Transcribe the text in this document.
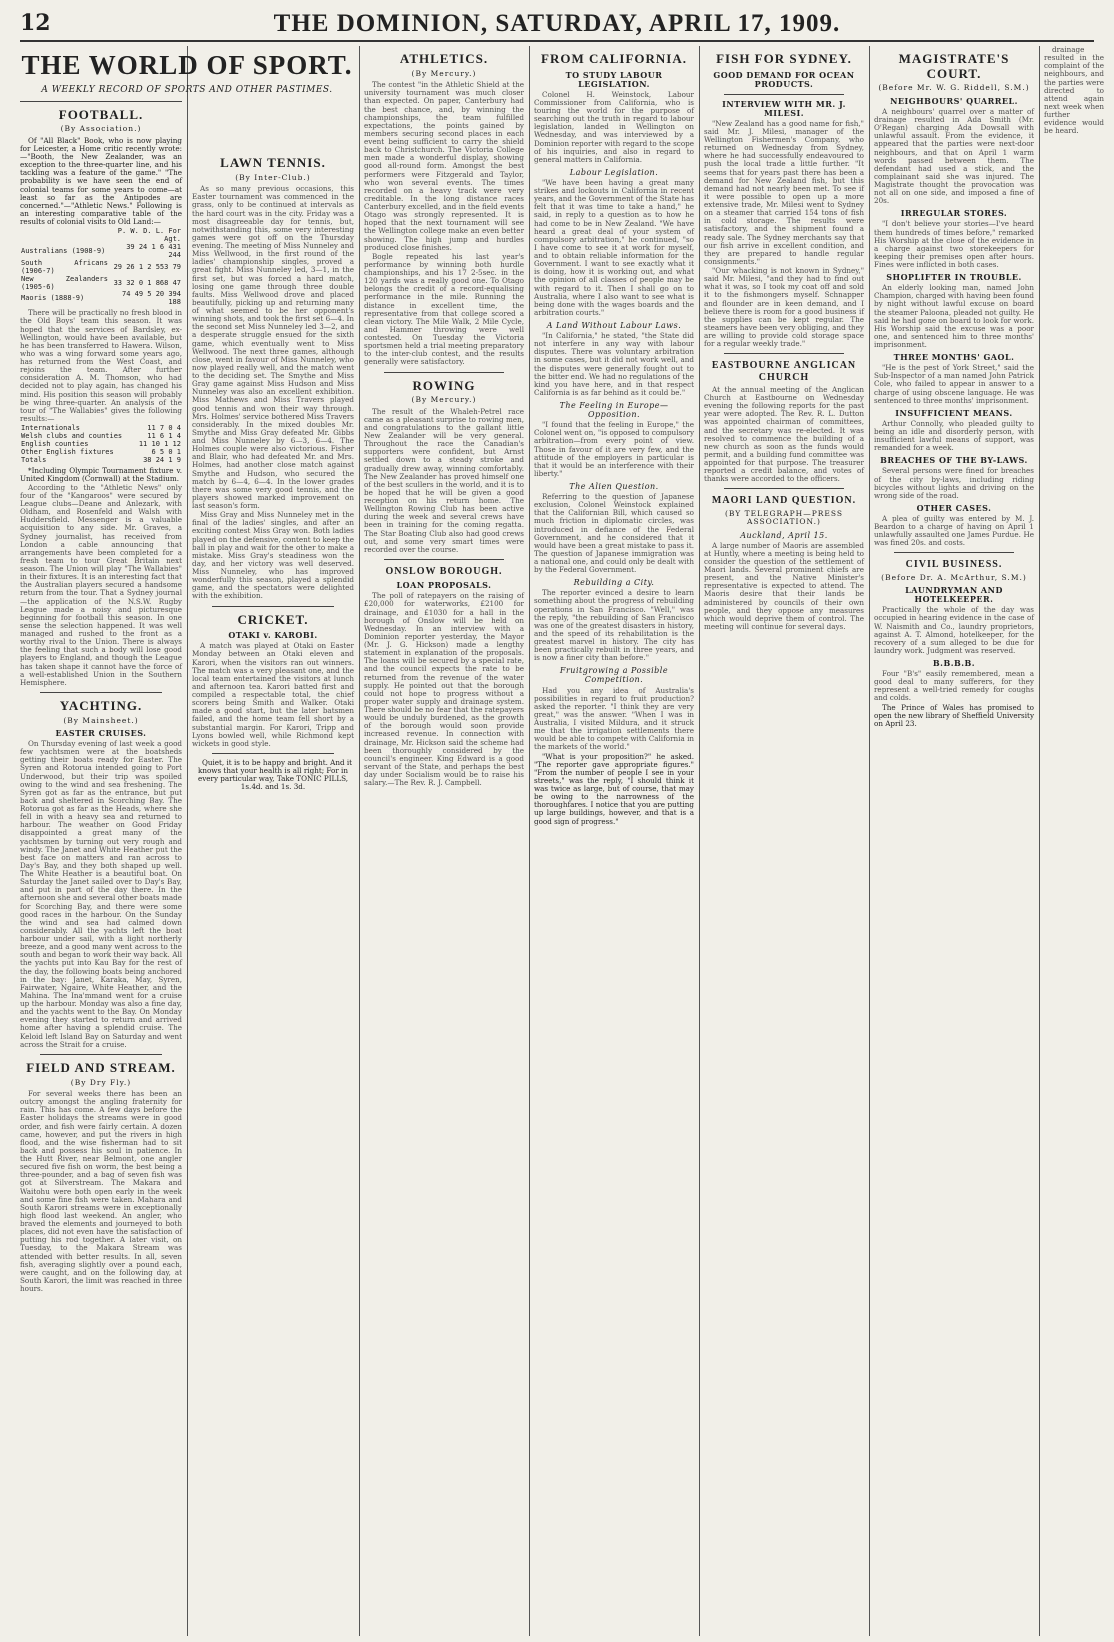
12	THE DOMINION, SATURDAY, APRIL 17, 1909.
THE WORLD OF SPORT.
A WEEKLY RECORD OF SPORTS AND OTHER PASTIMES.
FOOTBALL.
(By Association.)

Of "All Black" Book, who is now playing for Leicester, a Home critic recently wrote:—"Booth, the New Zealander, was an exception to the three-quarter line, and his tackling was a feature of the game." "The probability is we have seen the end of colonial teams for some years to come—at least so far as the Antipodes are concerned."—"Athletic News." Following is an interesting comparative table of the results of colonial visits to Old Land:—

	P. W. D. L. For Agt.
Australians (1908-9)	39 24 1 6 431 244
South Africans (1906-7)	29 26 1 2 553 79
New Zealanders (1905-6)	33 32 0 1 868 47
Maoris (1888-9)	74 49 5 20 394 188

There will be practically no fresh blood in the Old Boys' team this season. It was hoped that the services of Bardsley, ex-Wellington, would have been available, but he has been transferred to Hawera. Wilson, who was a wing forward some years ago, has returned from the West Coast, and rejoins the team. After further consideration A. M. Thomson, who had decided not to play again, has changed his mind. His position this season will probably be wing three-quarter. An analysis of the tour of "The Wallabies" gives the following results:—

Internationals	11 7 0 4
Welsh clubs and counties	11 6 1 4
English counties	11 10 1 12
Other English fixtures	6 5 0 1
Totals	38 24 1 9

*Including Olympic Tournament fixture v. United Kingdom (Cornwall) at the Stadium.

According to the "Athletic News" only four of the "Kangaroos" were secured by League clubs—Deane and Anlezark, with Oldham, and Rosenfeld and Walsh with Huddersfield. Messenger is a valuable acquisition to any side. Mr. Graves, a Sydney journalist, has received from London a cable announcing that arrangements have been completed for a fresh team to tour Great Britain next season. The Union will play "The Wallabies" in their fixtures. It is an interesting fact that the Australian players secured a handsome return from the tour. That a Sydney journal—the application of the N.S.W. Rugby League made a noisy and picturesque beginning for football this season. In one sense the selection happened. It was well managed and rushed to the front as a worthy rival to the Union. There is always the feeling that such a body will lose good players to England, and though the League has taken shape it cannot have the force of a well-established Union in the Southern Hemisphere.

YACHTING.
(By Mainsheet.)
EASTER CRUISES.

On Thursday evening of last week a good few yachtsmen were at the boatsheds getting their boats ready for Easter. The Syren and Rotorua intended going to Port Underwood, but their trip was spoiled owing to the wind and sea freshening. The Syren got as far as the entrance, but put back and sheltered in Scorching Bay. The Rotorua got as far as the Heads, where she fell in with a heavy sea and returned to harbour. The weather on Good Friday disappointed a great many of the yachtsmen by turning out very rough and windy. The Janet and White Heather put the best face on matters and ran across to Day's Bay, and they both shaped up well. The White Heather is a beautiful boat. On Saturday the Janet sailed over to Day's Bay, and put in part of the day there. In the afternoon she and several other boats made for Scorching Bay, and there were some good races in the harbour. On the Sunday the wind and sea had calmed down considerably. All the yachts left the boat harbour under sail, with a light northerly breeze, and a good many went across to the south and began to work their way back. All the yachts put into Kau Bay for the rest of the day, the following boats being anchored in the bay: Janet, Karaka, May, Syren, Fairwater, Ngaire, White Heather, and the Mahina. The Ina'mmand went for a cruise up the harbour. Monday was also a fine day, and the yachts went to the Bay. On Monday evening they started to return and arrived home after having a splendid cruise. The Keloid left Island Bay on Saturday and went across the Strait for a cruise.

FIELD AND STREAM.
(By Dry Fly.)

For several weeks there has been an outcry amongst the angling fraternity for rain. This has come. A few days before the Easter holidays the streams were in good order, and fish were fairly certain. A dozen came, however, and put the rivers in high flood, and the wise fisherman had to sit back and possess his soul in patience. In the Hutt River, near Belmont, one angler secured five fish on worm, the best being a three-pounder, and a bag of seven fish was got at Silverstream. The Makara and Waitohu were both open early in the week and some fine fish were taken. Mahara and South Karori streams were in exceptionally high flood last weekend. An angler, who braved the elements and journeyed to both places, did not even have the satisfaction of putting his rod together. A later visit, on Tuesday, to the Makara Stream was attended with better results. In all, seven fish, averaging slightly over a pound each, were caught, and on the following day, at South Karori, the limit was reached in three hours.

LAWN TENNIS.
(By Inter-Club.)

As so many previous occasions, this Easter tournament was commenced in the grass, only to be continued at intervals as the hard court was in the city. Friday was a most disagreeable day for tennis, but, notwithstanding this, some very interesting games were got off on the Thursday evening. The meeting of Miss Nunneley and Miss Wellwood, in the first round of the ladies' championship singles, proved a great fight. Miss Nunneley led, 3—1, in the first set, but was forced a hard match, losing one game through three double faults. Miss Wellwood drove and placed beautifully, picking up and returning many of what seemed to be her opponent's winning shots, and took the first set 6—4. In the second set Miss Nunneley led 3—2, and a desperate struggle ensued for the sixth game, which eventually went to Miss Wellwood. The next three games, although close, went in favour of Miss Nunneley, who now played really well, and the match went to the deciding set. The Smythe and Miss Gray game against Miss Hudson and Miss Nunneley was also an excellent exhibition. Miss Mathews and Miss Travers played good tennis and won their way through. Mrs. Holmes' service bothered Miss Travers considerably. In the mixed doubles Mr. Smythe and Miss Gray defeated Mr. Gibbs and Miss Nunneley by 6—3, 6—4. The Holmes couple were also victorious. Fisher and Blair, who had defeated Mr. and Mrs. Holmes, had another close match against Smythe and Hudson, who secured the match by 6—4, 6—4. In the lower grades there was some very good tennis, and the players showed marked improvement on last season's form.

Miss Gray and Miss Nunneley met in the final of the ladies' singles, and after an exciting contest Miss Gray won. Both ladies played on the defensive, content to keep the ball in play and wait for the other to make a mistake. Miss Gray's steadiness won the day, and her victory was well deserved. Miss Nunneley, who has improved wonderfully this season, played a splendid game, and the spectators were delighted with the exhibition.

CRICKET.
OTAKI v. KAROBI.

A match was played at Otaki on Easter Monday between an Otaki eleven and Karori, when the visitors ran out winners. The match was a very pleasant one, and the local team entertained the visitors at lunch and afternoon tea. Karori batted first and compiled a respectable total, the chief scorers being Smith and Walker. Otaki made a good start, but the later batsmen failed, and the home team fell short by a substantial margin. For Karori, Tripp and Lyons bowled well, while Richmond kept wickets in good style.

Quiet, it is to be happy and bright. And it knows that your health is all right; For in every particular way, Take TONIC PILLS, 1s.4d. and 1s. 3d.

ATHLETICS.
(By Mercury.)

The contest "in the Athletic Shield at the university tournament was much closer than expected. On paper, Canterbury had the best chance, and, by winning the championships, the team fulfilled expectations, the points gained by members securing second places in each event being sufficient to carry the shield back to Christchurch. The Victoria College men made a wonderful display, showing good all-round form. Amongst the best performers were Fitzgerald and Taylor, who won several events. The times recorded on a heavy track were very creditable. In the long distance races Canterbury excelled, and in the field events Otago was strongly represented. It is hoped that the next tournament will see the Wellington college make an even better showing. The high jump and hurdles produced close finishes.

Bogle repeated his last year's performance by winning both hurdle championships, and his 17 2-5sec. in the 120 yards was a really good one. To Otago belongs the credit of a record-equalising performance in the mile. Running the distance in excellent time, the representative from that college scored a clean victory. The Mile Walk, 2 Mile Cycle, and Hammer throwing were well contested. On Tuesday the Victoria sportsmen held a trial meeting preparatory to the inter-club contest, and the results generally were satisfactory.

ROWING
(By Mercury.)

The result of the Whaleh-Petrel race came as a pleasant surprise to rowing men, and congratulations to the gallant little New Zealander will be very general. Throughout the race the Canadian's supporters were confident, but Arnst settled down to a steady stroke and gradually drew away, winning comfortably. The New Zealander has proved himself one of the best scullers in the world, and it is to be hoped that he will be given a good reception on his return home. The Wellington Rowing Club has been active during the week and several crews have been in training for the coming regatta. The Star Boating Club also had good crews out, and some very smart times were recorded over the course.

ONSLOW BOROUGH.
LOAN PROPOSALS.

The poll of ratepayers on the raising of £20,000 for waterworks, £2100 for drainage, and £1030 for a hall in the borough of Onslow will be held on Wednesday. In an interview with a Dominion reporter yesterday, the Mayor (Mr. J. G. Hickson) made a lengthy statement in explanation of the proposals. The loans will be secured by a special rate, and the council expects the rate to be returned from the revenue of the water supply. He pointed out that the borough could not hope to progress without a proper water supply and drainage system. There should be no fear that the ratepayers would be unduly burdened, as the growth of the borough would soon provide increased revenue. In connection with drainage, Mr. Hickson said the scheme had been thoroughly considered by the council's engineer. King Edward is a good servant of the State, and perhaps the best day under Socialism would be to raise his salary.—The Rev. R. J. Campbell.

FROM CALIFORNIA.
TO STUDY LABOUR LEGISLATION.

Colonel H. Weinstock, Labour Commissioner from California, who is touring the world for the purpose of searching out the truth in regard to labour legislation, landed in Wellington on Wednesday, and was interviewed by a Dominion reporter with regard to the scope of his inquiries, and also in regard to general matters in California.

Labour Legislation.

"We have been having a great many strikes and lockouts in California in recent years, and the Government of the State has felt that it was time to take a hand," he said, in reply to a question as to how he had come to be in New Zealand. "We have heard a great deal of your system of compulsory arbitration," he continued, "so I have come to see it at work for myself, and to obtain reliable information for the Government. I want to see exactly what it is doing, how it is working out, and what the opinion of all classes of people may be with regard to it. Then I shall go on to Australia, where I also want to see what is being done with the wages boards and the arbitration courts."

A Land Without Labour Laws.

"In California," he stated, "the State did not interfere in any way with labour disputes. There was voluntary arbitration in some cases, but it did not work well, and the disputes were generally fought out to the bitter end. We had no regulations of the kind you have here, and in that respect California is as far behind as it could be."

The Feeling in Europe—Opposition.

"I found that the feeling in Europe," the Colonel went on, "is opposed to compulsory arbitration—from every point of view. Those in favour of it are very few, and the attitude of the employers in particular is that it would be an interference with their liberty."

The Alien Question.

Referring to the question of Japanese exclusion, Colonel Weinstock explained that the Californian Bill, which caused so much friction in diplomatic circles, was introduced in defiance of the Federal Government, and he considered that it would have been a great mistake to pass it. The question of Japanese immigration was a national one, and could only be dealt with by the Federal Government.

Rebuilding a City.

The reporter evinced a desire to learn something about the progress of rebuilding operations in San Francisco. "Well," was the reply, "the rebuilding of San Francisco was one of the greatest disasters in history, and the speed of its rehabilitation is the greatest marvel in history. The city has been practically rebuilt in three years, and is now a finer city than before."

Fruitgrowing a Possible Competition.

Had you any idea of Australia's possibilities in regard to fruit production? asked the reporter. "I think they are very great," was the answer. "When I was in Australia, I visited Mildura, and it struck me that the irrigation settlements there would be able to compete with California in the markets of the world."

"What is your proposition?" he asked. "The reporter gave appropriate figures." "From the number of people I see in your streets," was the reply, "I should think it was twice as large, but of course, that may be owing to the narrowness of the thoroughfares. I notice that you are putting up large buildings, however, and that is a good sign of progress."

FISH FOR SYDNEY.
GOOD DEMAND FOR OCEAN PRODUCTS.
INTERVIEW WITH MR. J. MILESI.

"New Zealand has a good name for fish," said Mr. J. Milesi, manager of the Wellington Fishermen's Company, who returned on Wednesday from Sydney, where he had successfully endeavoured to push the local trade a little further. "It seems that for years past there has been a demand for New Zealand fish, but this demand had not nearly been met. To see if it were possible to open up a more extensive trade, Mr. Milesi went to Sydney on a steamer that carried 154 tons of fish in cold storage. The results were satisfactory, and the shipment found a ready sale. The Sydney merchants say that our fish arrive in excellent condition, and they are prepared to handle regular consignments."

"Our whacking is not known in Sydney," said Mr. Milesi, "and they had to find out what it was, so I took my coat off and sold it to the fishmongers myself. Schnapper and flounder are in keen demand, and I believe there is room for a good business if the supplies can be kept regular. The steamers have been very obliging, and they are willing to provide cold storage space for a regular weekly trade."

EASTBOURNE ANGLICAN CHURCH

At the annual meeting of the Anglican Church at Eastbourne on Wednesday evening the following reports for the past year were adopted. The Rev. R. L. Dutton was appointed chairman of committees, and the secretary was re-elected. It was resolved to commence the building of a new church as soon as the funds would permit, and a building fund committee was appointed for that purpose. The treasurer reported a credit balance, and votes of thanks were accorded to the officers.

MAORI LAND QUESTION.
(BY TELEGRAPH—PRESS ASSOCIATION.)
Auckland, April 15.

A large number of Maoris are assembled at Huntly, where a meeting is being held to consider the question of the settlement of Maori lands. Several prominent chiefs are present, and the Native Minister's representative is expected to attend. The Maoris desire that their lands be administered by councils of their own people, and they oppose any measures which would deprive them of control. The meeting will continue for several days.

MAGISTRATE'S COURT.
(Before Mr. W. G. Riddell, S.M.)
NEIGHBOURS' QUARREL.

A neighbours' quarrel over a matter of drainage resulted in Ada Smith (Mr. O'Regan) charging Ada Dowsall with unlawful assault. From the evidence, it appeared that the parties were next-door neighbours, and that on April 1 warm words passed between them. The defendant had used a stick, and the complainant said she was injured. The Magistrate thought the provocation was not all on one side, and imposed a fine of 20s.

IRREGULAR STORES.

"I don't believe your stories—I've heard them hundreds of times before," remarked His Worship at the close of the evidence in a charge against two storekeepers for keeping their premises open after hours. Fines were inflicted in both cases.

SHOPLIFTER IN TROUBLE.

An elderly looking man, named John Champion, charged with having been found by night without lawful excuse on board the steamer Paloona, pleaded not guilty. He said he had gone on board to look for work. His Worship said the excuse was a poor one, and sentenced him to three months' imprisonment.

THREE MONTHS' GAOL.

"He is the pest of York Street," said the Sub-Inspector of a man named John Patrick Cole, who failed to appear in answer to a charge of using obscene language. He was sentenced to three months' imprisonment.

INSUFFICIENT MEANS.

Arthur Connolly, who pleaded guilty to being an idle and disorderly person, with insufficient lawful means of support, was remanded for a week.

BREACHES OF THE BY-LAWS.

Several persons were fined for breaches of the city by-laws, including riding bicycles without lights and driving on the wrong side of the road.

OTHER CASES.

A plea of guilty was entered by M. J. Beardon to a charge of having on April 1 unlawfully assaulted one James Purdue. He was fined 20s. and costs.

CIVIL BUSINESS.
(Before Dr. A. McArthur, S.M.)
LAUNDRYMAN AND HOTELKEEPER.

Practically the whole of the day was occupied in hearing evidence in the case of W. Naismith and Co., laundry proprietors, against A. T. Almond, hotelkeeper, for the recovery of a sum alleged to be due for laundry work. Judgment was reserved.

B.B.B.B.

Four "B's" easily remembered, mean a good deal to many sufferers, for they represent a well-tried remedy for coughs and colds.

The Prince of Wales has promised to open the new library of Sheffield University on April 23.

drainage resulted in the complaint of the neighbours, and the parties were directed to attend again next week when further evidence would be heard.
